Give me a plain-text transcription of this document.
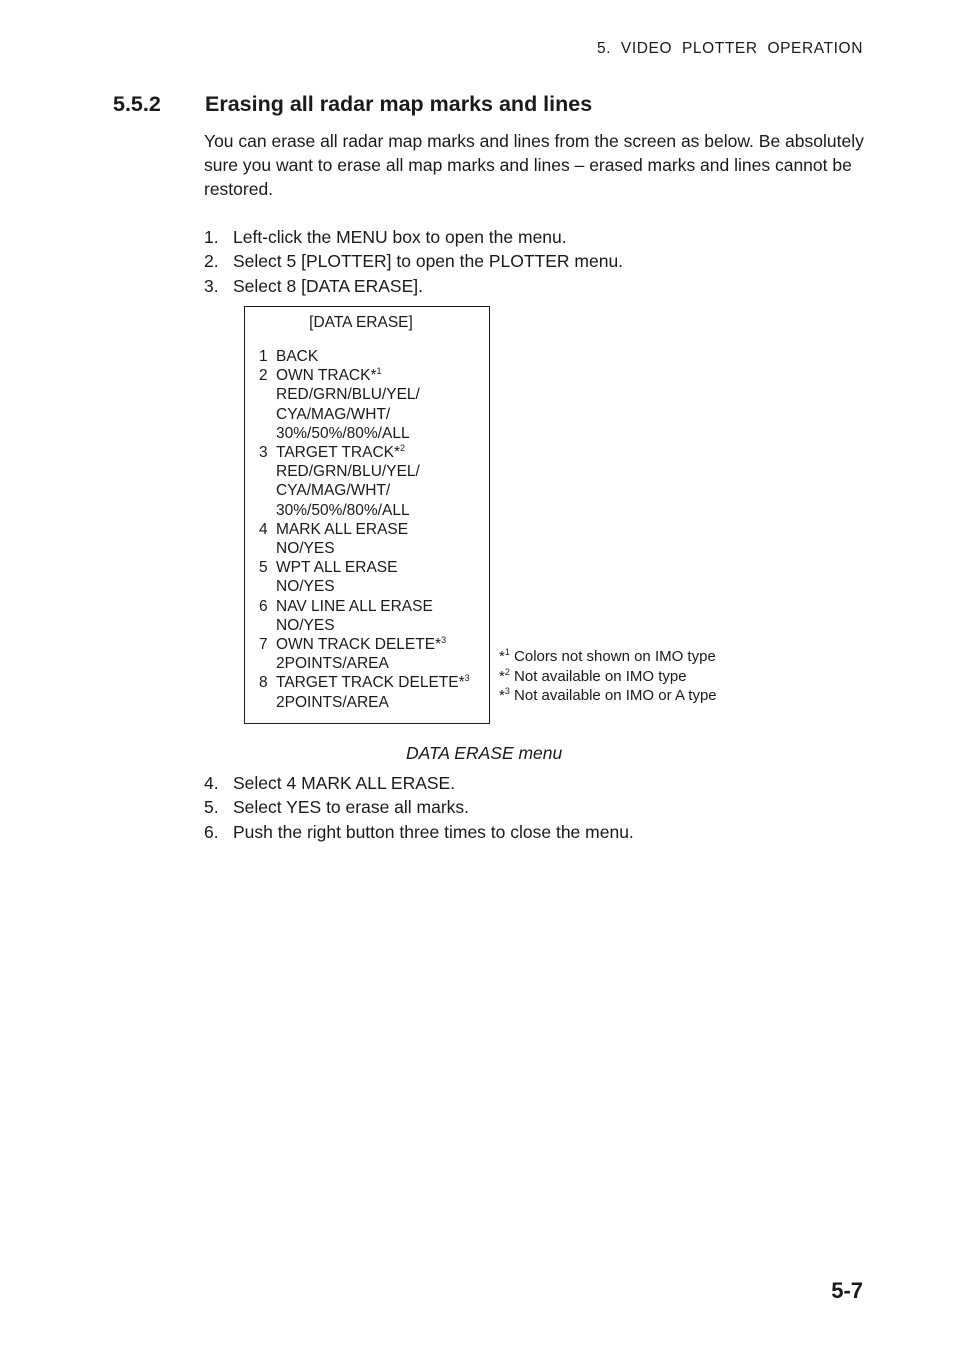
5.  VIDEO  PLOTTER  OPERATION
5.5.2 Erasing all radar map marks and lines

You can erase all radar map marks and lines from the screen as below. Be absolutely sure you want to erase all map marks and lines – erased marks and lines cannot be restored.

1. Left-click the MENU box to open the menu.
2. Select 5 [PLOTTER] to open the PLOTTER menu.
3. Select 8 [DATA ERASE].
[DATA ERASE]
1 BACK
2 OWN TRACK*$^1$
RED/GRN/BLU/YEL/
CYA/MAG/WHT/
30%/50%/80%/ALL
3 TARGET TRACK*$^2$
RED/GRN/BLU/YEL/
CYA/MAG/WHT/
30%/50%/80%/ALL
4 MARK ALL ERASE
NO/YES
5 WPT ALL ERASE
NO/YES
6 NAV LINE ALL ERASE
NO/YES
7 OWN TRACK DELETE*$^3$
2POINTS/AREA
8 TARGET TRACK DELETE*$^3$
2POINTS/AREA
*$^1$ Colors not shown on IMO type
*$^2$ Not available on IMO type
*$^3$ Not available on IMO or A type
DATA ERASE menu
4. Select 4 MARK ALL ERASE.
5. Select YES to erase all marks.
6. Push the right button three times to close the menu.
5-7
